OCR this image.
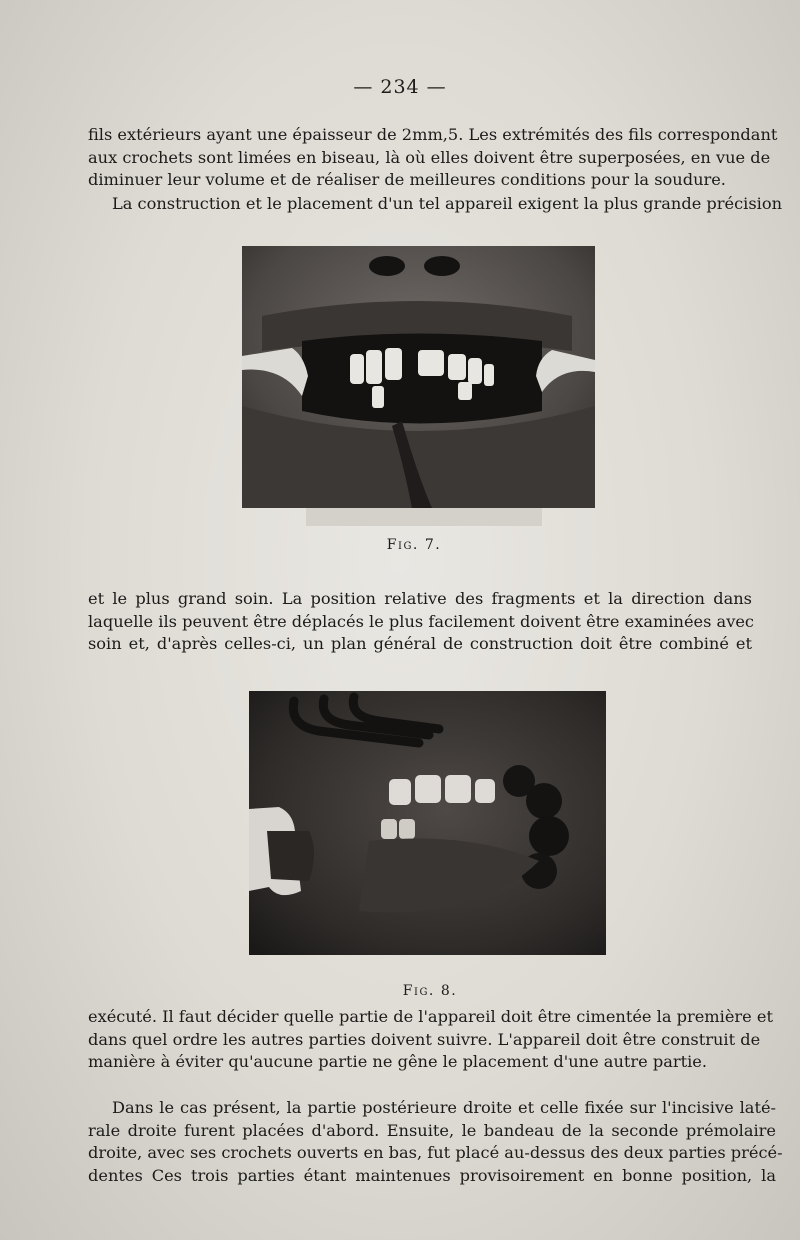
— 234 —

fils extérieurs ayant une épaisseur de 2mm,5. Les extrémités des fils correspondant
aux crochets sont limées en biseau, là où elles doivent être superposées, en vue de
diminuer leur volume et de réaliser de meilleures conditions pour la soudure.

La construction et le placement d'un tel appareil exigent la plus grande précision

Fig. 7.

et le plus grand soin. La position relative des fragments et la direction dans
laquelle ils peuvent être déplacés le plus facilement doivent être examinées avec
soin et, d'après celles-ci, un plan général de construction doit être combiné et

Fig. 8.

exécuté. Il faut décider quelle partie de l'appareil doit être cimentée la première et
dans quel ordre les autres parties doivent suivre. L'appareil doit être construit de
manière à éviter qu'aucune partie ne gêne le placement d'une autre partie.

Dans le cas présent, la partie postérieure droite et celle fixée sur l'incisive laté-
rale droite furent placées d'abord. Ensuite, le bandeau de la seconde prémolaire
droite, avec ses crochets ouverts en bas, fut placé au-dessus des deux parties précé-
dentes Ces trois parties étant maintenues provisoirement en bonne position, la
